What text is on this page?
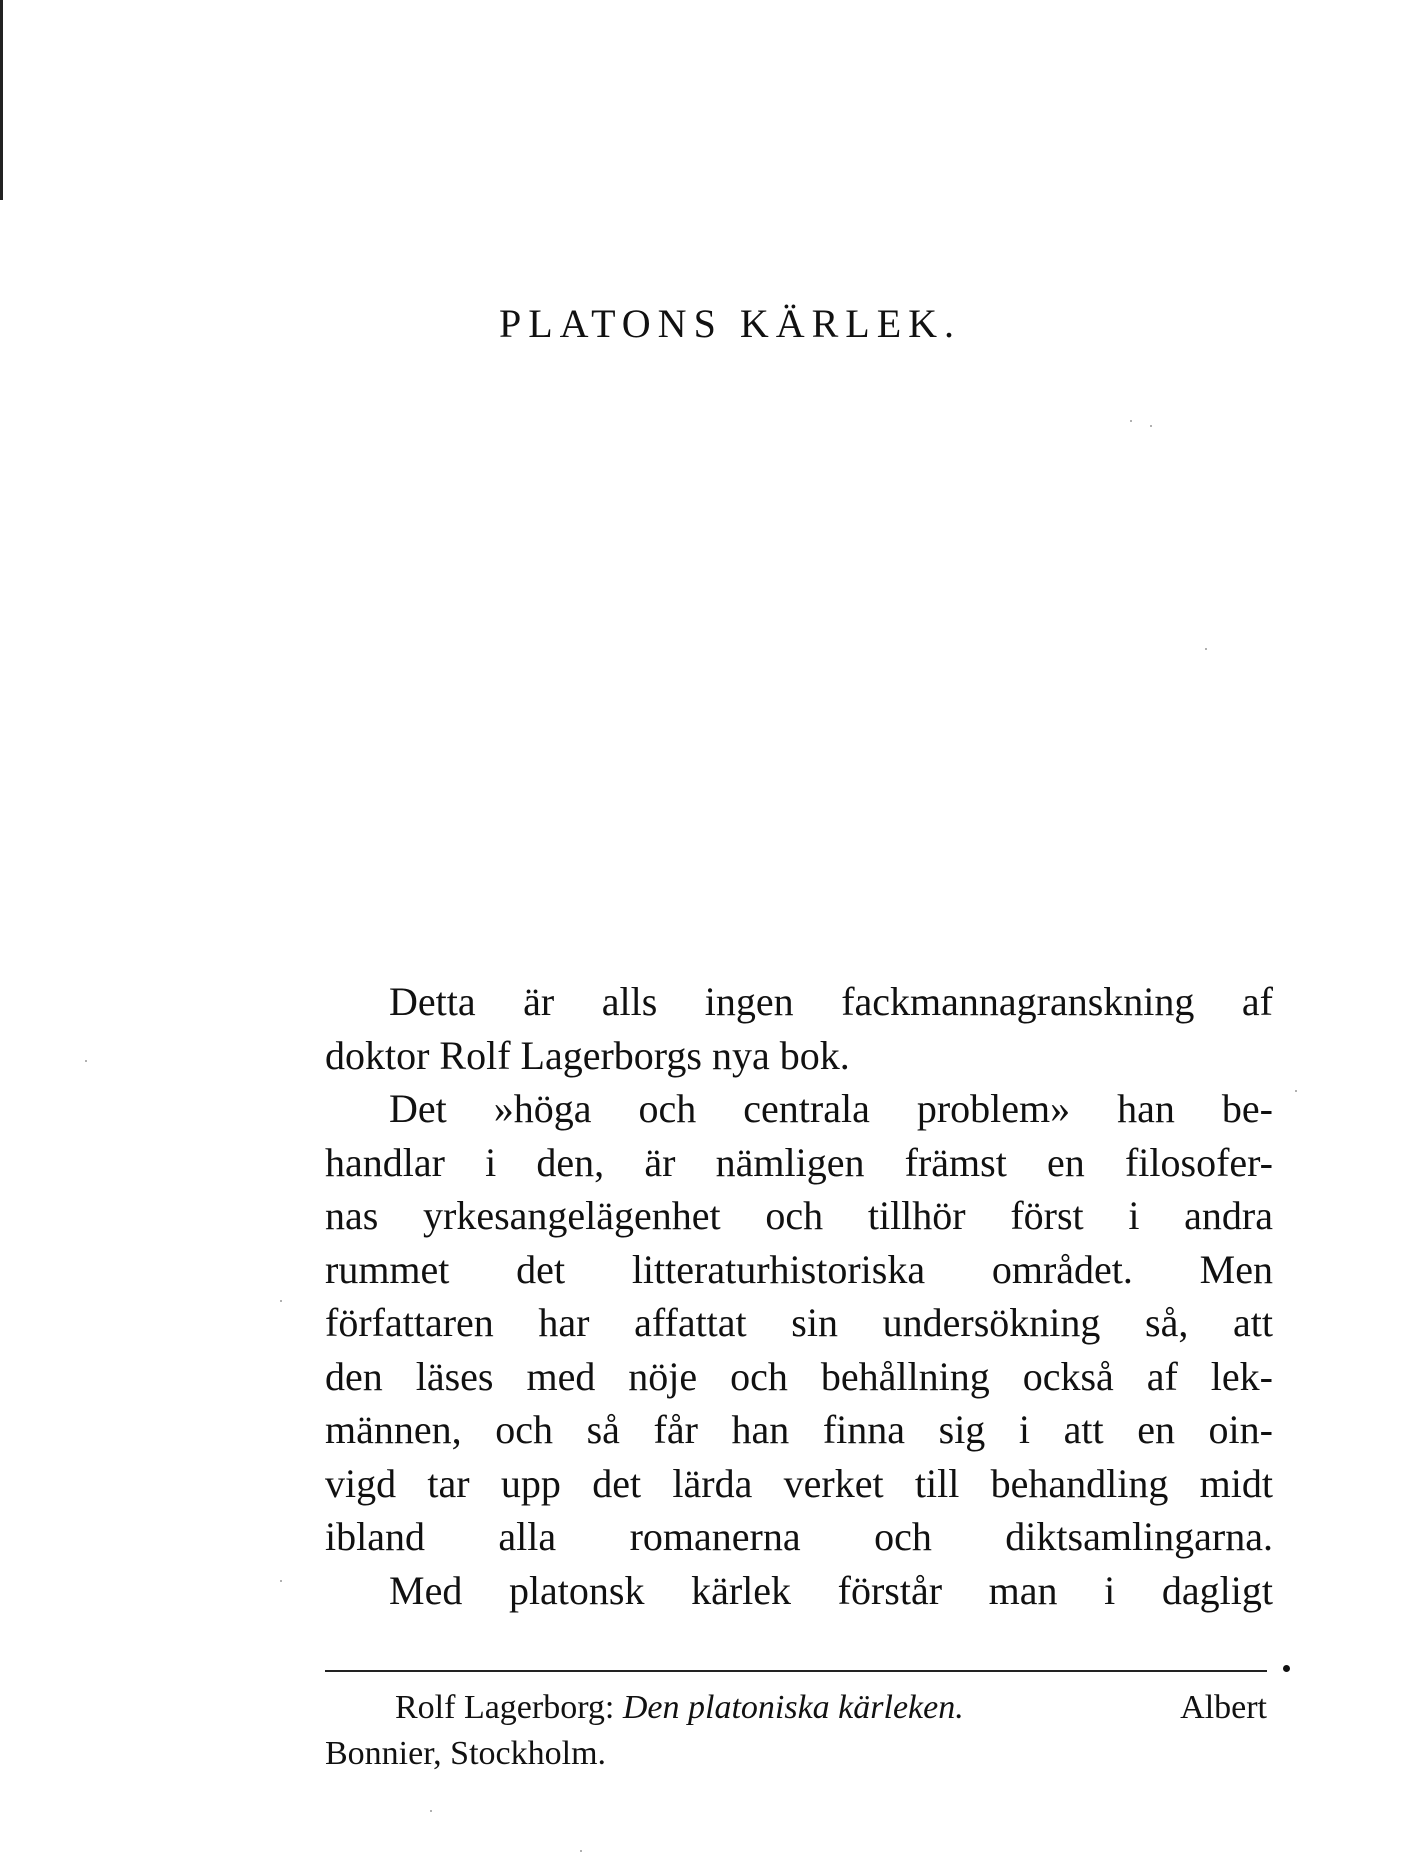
PLATONS KÄRLEK.
Detta är alls ingen fackmannagranskning af
doktor Rolf Lagerborgs nya bok.
Det »höga och centrala problem» han be-
handlar i den, är nämligen främst en filosofer-
nas yrkesangelägenhet och tillhör först i andra
rummet det litteraturhistoriska området. Men
författaren har affattat sin undersökning så, att
den läses med nöje och behållning också af lek-
männen, och så får han finna sig i att en oin-
vigd tar upp det lärda verket till behandling midt
ibland alla romanerna och diktsamlingarna.
Med platonsk kärlek förstår man i dagligt
Rolf Lagerborg: Den platoniska kärleken.	Albert
Bonnier, Stockholm.
